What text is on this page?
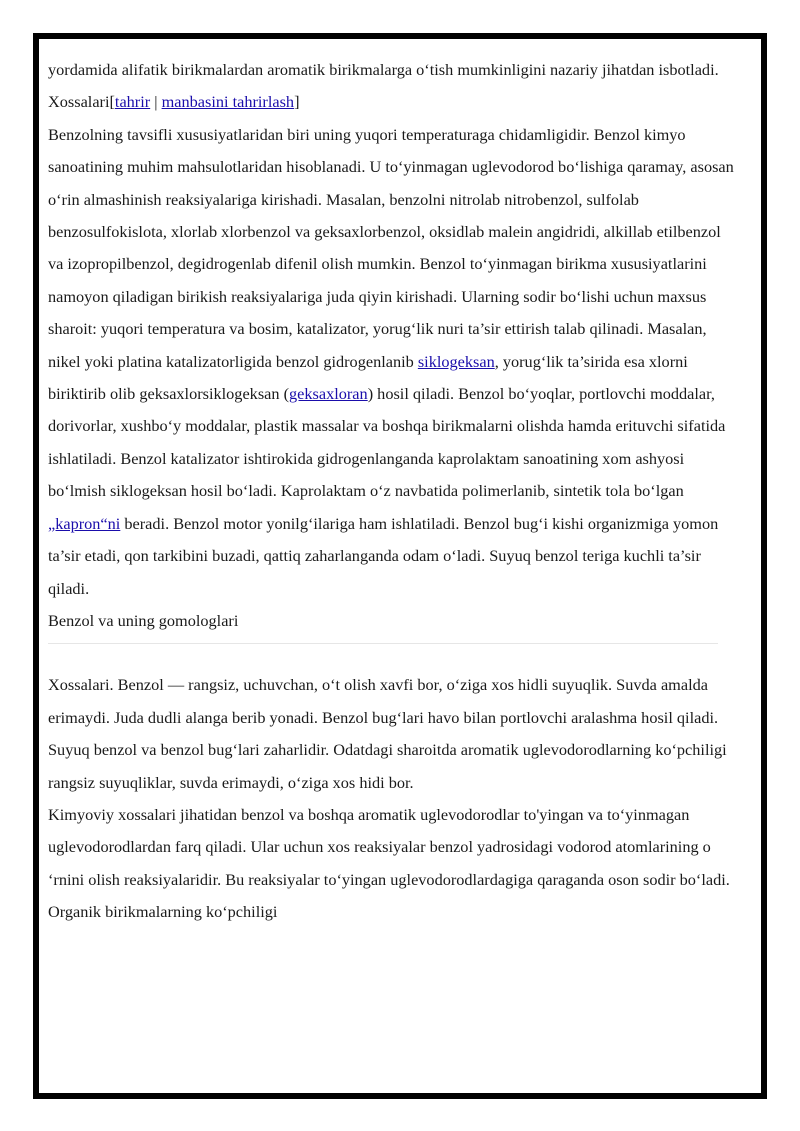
yordamida alifatik birikmalardan aromatik birikmalarga o‘tish mumkinligini nazariy jihatdan isbotladi.

Xossalari[tahrir | manbasini tahrirlash]

Benzolning tavsifli xususiyatlaridan biri uning yuqori temperaturaga chidamligidir. Benzol kimyo sanoatining muhim mahsulotlaridan hisoblanadi. U to‘yinmagan uglevodorod bo‘lishiga qaramay, asosan o‘rin almashinish reaksiyalariga kirishadi. Masalan, benzolni nitrolab nitrobenzol, sulfolab benzosulfokislota, xlorlab xlorbenzol va geksaxlorbenzol, oksidlab malein angidridi, alkillab etilbenzol va izopropilbenzol, degidrogenlab difenil olish mumkin. Benzol to‘yinmagan birikma xususiyatlarini namoyon qiladigan birikish reaksiyalariga juda qiyin kirishadi. Ularning sodir bo‘lishi uchun maxsus sharoit: yuqori temperatura va bosim, katalizator, yorug‘lik nuri ta’sir ettirish talab qilinadi. Masalan, nikel yoki platina katalizatorligida benzol gidrogenlanib siklogeksan, yorug‘lik ta’sirida esa xlorni biriktirib olib geksaxlorsiklogeksan (geksaxloran) hosil qiladi. Benzol bo‘yoqlar, portlovchi moddalar, dorivorlar, xushbo‘y moddalar, plastik massalar va boshqa birikmalarni olishda hamda erituvchi sifatida ishlatiladi. Benzol katalizator ishtirokida gidrogenlanganda kaprolaktam sanoatining xom ashyosi bo‘lmish siklogeksan hosil bo‘ladi. Kaprolaktam o‘z navbatida polimerlanib, sintetik tola bo‘lgan „kapron“ni beradi. Benzol motor yonilg‘ilariga ham ishlatiladi. Benzol bug‘i kishi organizmiga yomon ta’sir etadi, qon tarkibini buzadi, qattiq zaharlanganda odam o‘ladi. Suyuq benzol teriga kuchli ta’sir qiladi.

Benzol va uning gomologlari

Xossalari. Benzol — rangsiz, uchuvchan, o‘t olish xavfi bor, o‘ziga xos hidli suyuqlik. Suvda amalda erimaydi. Juda dudli alanga berib yonadi. Benzol bug‘lari havo bilan portlovchi aralashma hosil qiladi. Suyuq benzol va benzol bug‘lari zaharlidir. Odatdagi sharoitda aromatik uglevodorodlarning ko‘pchiligi rangsiz suyuqliklar, suvda erimaydi, o‘ziga xos hidi bor.

Kimyoviy xossalari jihatidan benzol va boshqa aromatik uglevodorodlar to'yingan va to‘yinmagan uglevodorodlardan farq qiladi. Ular uchun xos reaksiyalar benzol yadrosidagi vodorod atomlarining o ‘rnini olish reaksiyalaridir. Bu reaksiyalar to‘yingan uglevodorodlardagiga qaraganda oson sodir bo‘ladi. Organik birikmalarning ko‘pchiligi
